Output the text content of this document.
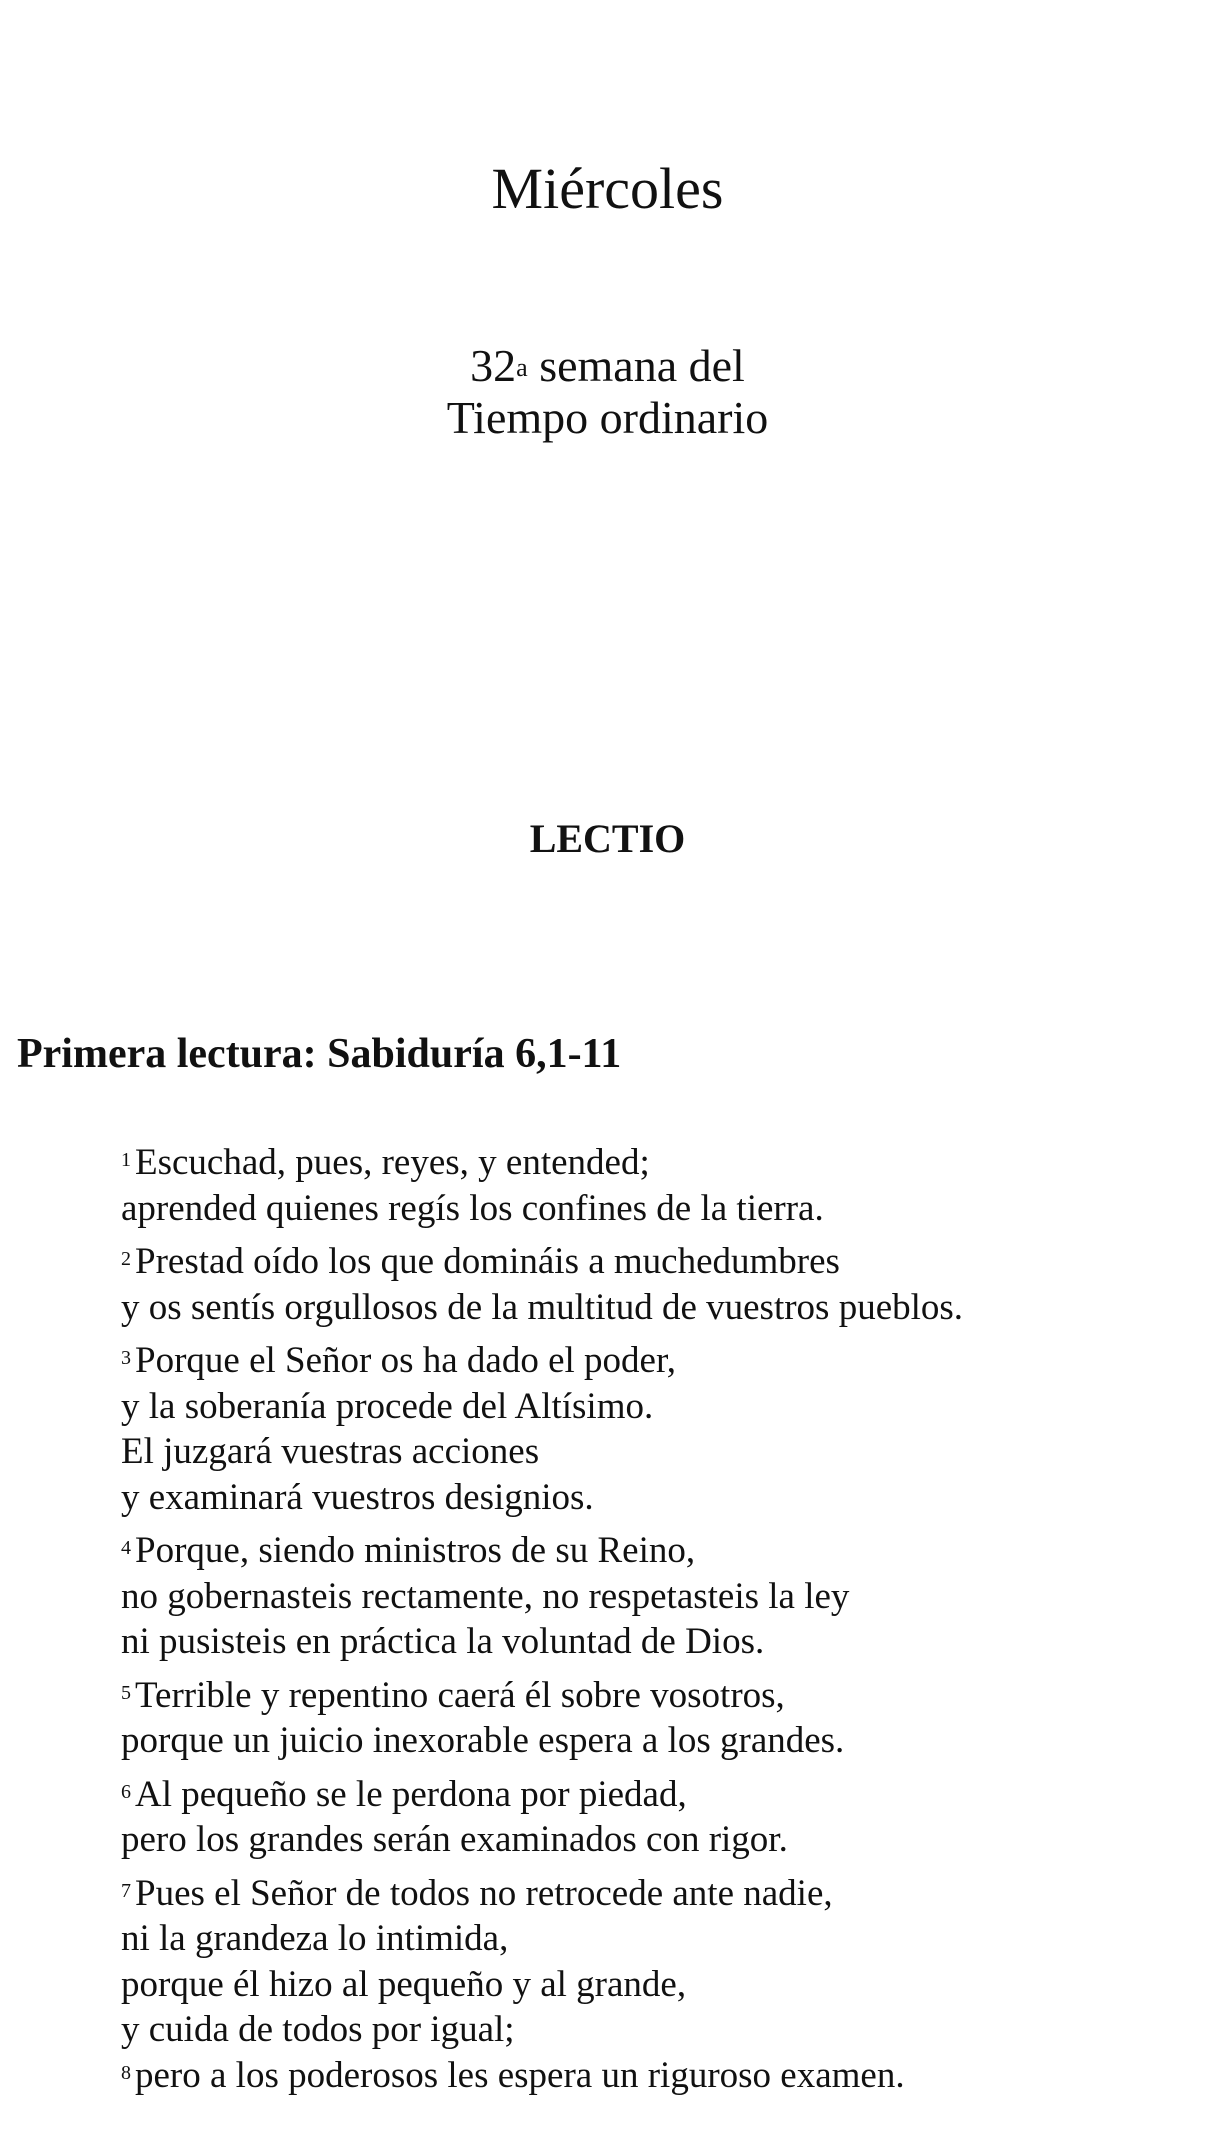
Miércoles
32$^a$ semana del
Tiempo ordinario
LECTIO
Primera lectura: Sabiduría 6,1-11
$^1$ Escuchad, pues, reyes, y entended;
aprended quienes regís los confines de la tierra.
$^2$ Prestad oído los que domináis a muchedumbres
y os sentís orgullosos de la multitud de vuestros pueblos.
$^3$ Porque el Señor os ha dado el poder,
y la soberanía procede del Altísimo.
El juzgará vuestras acciones
y examinará vuestros designios.
$^4$ Porque, siendo ministros de su Reino,
no gobernasteis rectamente, no respetasteis la ley
ni pusisteis en práctica la voluntad de Dios.
$^5$ Terrible y repentino caerá él sobre vosotros,
porque un juicio inexorable espera a los grandes.
$^6$ Al pequeño se le perdona por piedad,
pero los grandes serán examinados con rigor.
$^7$ Pues el Señor de todos no retrocede ante nadie,
ni la grandeza lo intimida,
porque él hizo al pequeño y al grande,
y cuida de todos por igual;
$^8$ pero a los poderosos les espera un riguroso examen.
